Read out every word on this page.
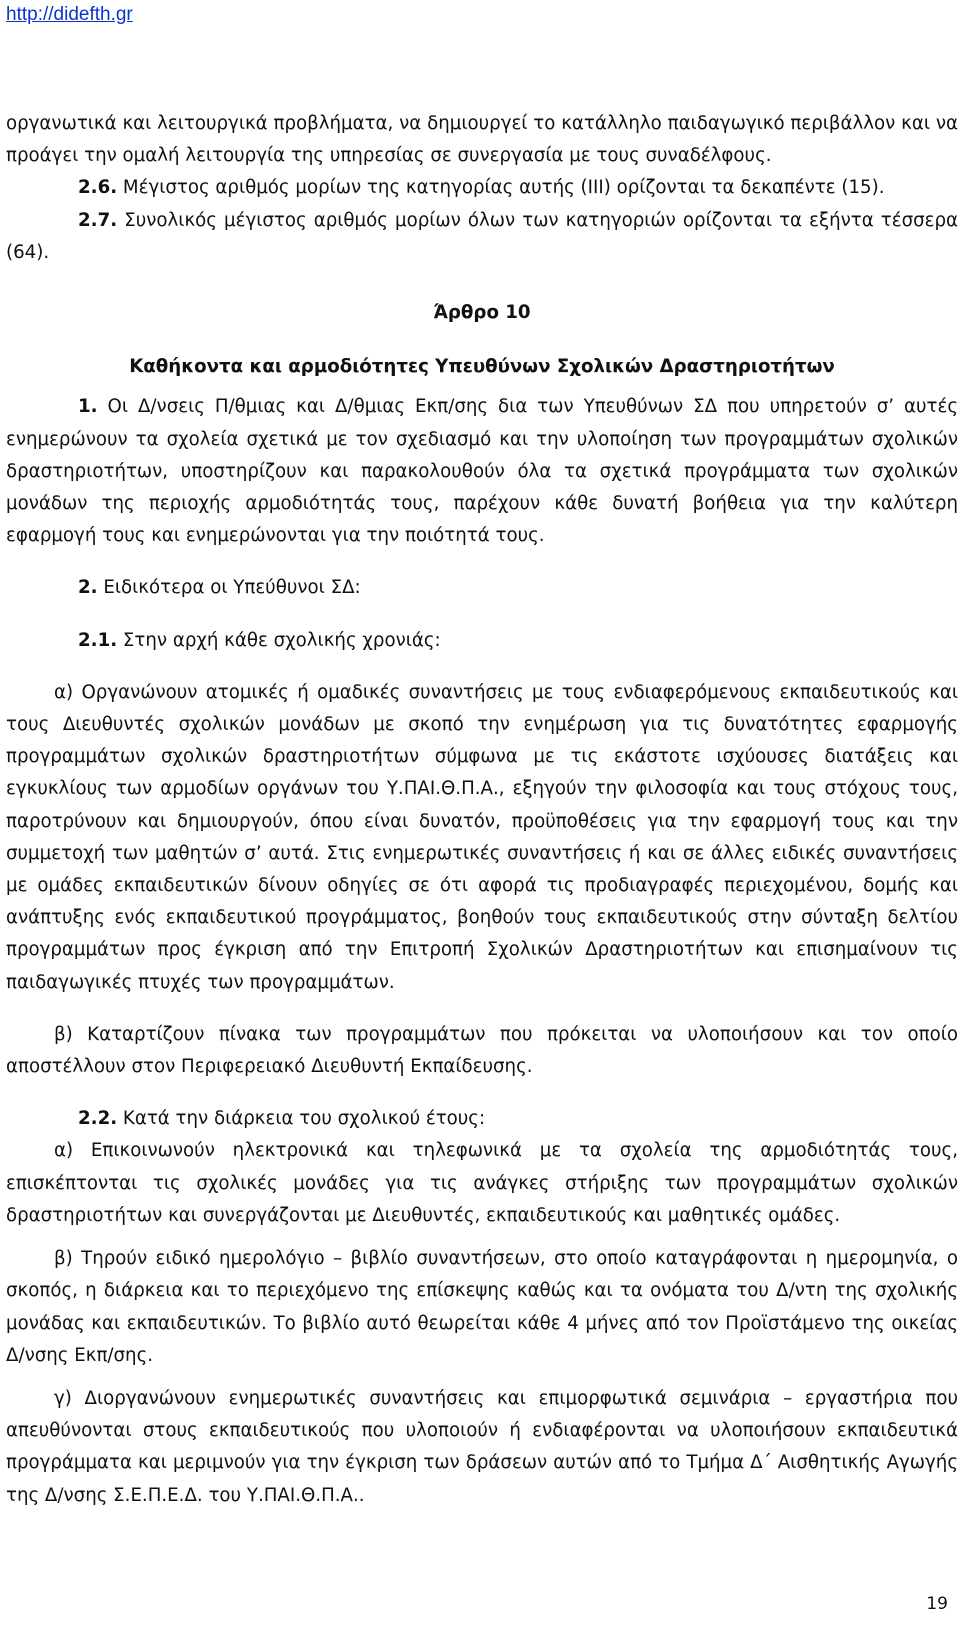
http://didefth.gr

οργανωτικά και λειτουργικά προβλήματα, να δημιουργεί το κατάλληλο παιδαγωγικό περιβάλλον και να προάγει την ομαλή λειτουργία της υπηρεσίας σε συνεργασία με τους συναδέλφους.

2.6. Μέγιστος αριθμός μορίων της κατηγορίας αυτής (ΙΙΙ) ορίζονται τα δεκαπέντε (15).

2.7. Συνολικός μέγιστος αριθμός μορίων όλων των κατηγοριών ορίζονται τα εξήντα τέσσερα (64).

Άρθρο 10

Καθήκοντα και αρμοδιότητες Υπευθύνων Σχολικών Δραστηριοτήτων

1. Οι Δ/νσεις Π/θμιας και Δ/θμιας Εκπ/σης δια των Υπευθύνων ΣΔ που υπηρετούν σ’ αυτές ενημερώνουν τα σχολεία σχετικά με τον σχεδιασμό και την υλοποίηση των προγραμμάτων σχολικών δραστηριοτήτων, υποστηρίζουν και παρακολουθούν όλα τα σχετικά προγράμματα των σχολικών μονάδων της περιοχής αρμοδιότητάς τους, παρέχουν κάθε δυνατή βοήθεια για την καλύτερη εφαρμογή τους και ενημερώνονται για την ποιότητά τους.

2. Ειδικότερα οι Υπεύθυνοι ΣΔ:

2.1. Στην αρχή κάθε σχολικής χρονιάς:

α) Οργανώνουν ατομικές ή ομαδικές συναντήσεις με τους ενδιαφερόμενους εκπαιδευτικούς και τους Διευθυντές σχολικών μονάδων με σκοπό την ενημέρωση για τις δυνατότητες εφαρμογής προγραμμάτων σχολικών δραστηριοτήτων σύμφωνα με τις εκάστοτε ισχύουσες διατάξεις και εγκυκλίους των αρμοδίων οργάνων του Υ.ΠΑΙ.Θ.Π.Α., εξηγούν την φιλοσοφία και τους στόχους τους, παροτρύνουν και δημιουργούν, όπου είναι δυνατόν, προϋποθέσεις για την εφαρμογή τους και την συμμετοχή των μαθητών σ’ αυτά. Στις ενημερωτικές συναντήσεις ή και σε άλλες ειδικές συναντήσεις με ομάδες εκπαιδευτικών δίνουν οδηγίες σε ότι αφορά τις προδιαγραφές περιεχομένου, δομής και ανάπτυξης ενός εκπαιδευτικού προγράμματος, βοηθούν τους εκπαιδευτικούς στην σύνταξη δελτίου προγραμμάτων προς έγκριση από την Επιτροπή Σχολικών Δραστηριοτήτων και επισημαίνουν τις παιδαγωγικές πτυχές των προγραμμάτων.

β) Καταρτίζουν πίνακα των προγραμμάτων που πρόκειται να υλοποιήσουν και τον οποίο αποστέλλουν στον Περιφερειακό Διευθυντή Εκπαίδευσης.

2.2. Κατά την διάρκεια του σχολικού έτους:

α) Επικοινωνούν ηλεκτρονικά και τηλεφωνικά με τα σχολεία της αρμοδιότητάς τους, επισκέπτονται τις σχολικές μονάδες για τις ανάγκες στήριξης των προγραμμάτων σχολικών δραστηριοτήτων και συνεργάζονται με Διευθυντές, εκπαιδευτικούς και μαθητικές ομάδες.

β) Τηρούν ειδικό ημερολόγιο – βιβλίο συναντήσεων, στο οποίο καταγράφονται η ημερομηνία, ο σκοπός, η διάρκεια και το περιεχόμενο της επίσκεψης καθώς και τα ονόματα του Δ/ντη της σχολικής μονάδας και εκπαιδευτικών. Το βιβλίο αυτό θεωρείται κάθε 4 μήνες από τον Προϊστάμενο της οικείας Δ/νσης Εκπ/σης.

γ) Διοργανώνουν ενημερωτικές συναντήσεις και επιμορφωτικά σεμινάρια – εργαστήρια που απευθύνονται στους εκπαιδευτικούς που υλοποιούν ή ενδιαφέρονται να υλοποιήσουν εκπαιδευτικά προγράμματα και μεριμνούν για την έγκριση των δράσεων αυτών από το Τμήμα Δ΄ Αισθητικής Αγωγής της Δ/νσης Σ.Ε.Π.Ε.Δ. του Υ.ΠΑΙ.Θ.Π.Α..

19
